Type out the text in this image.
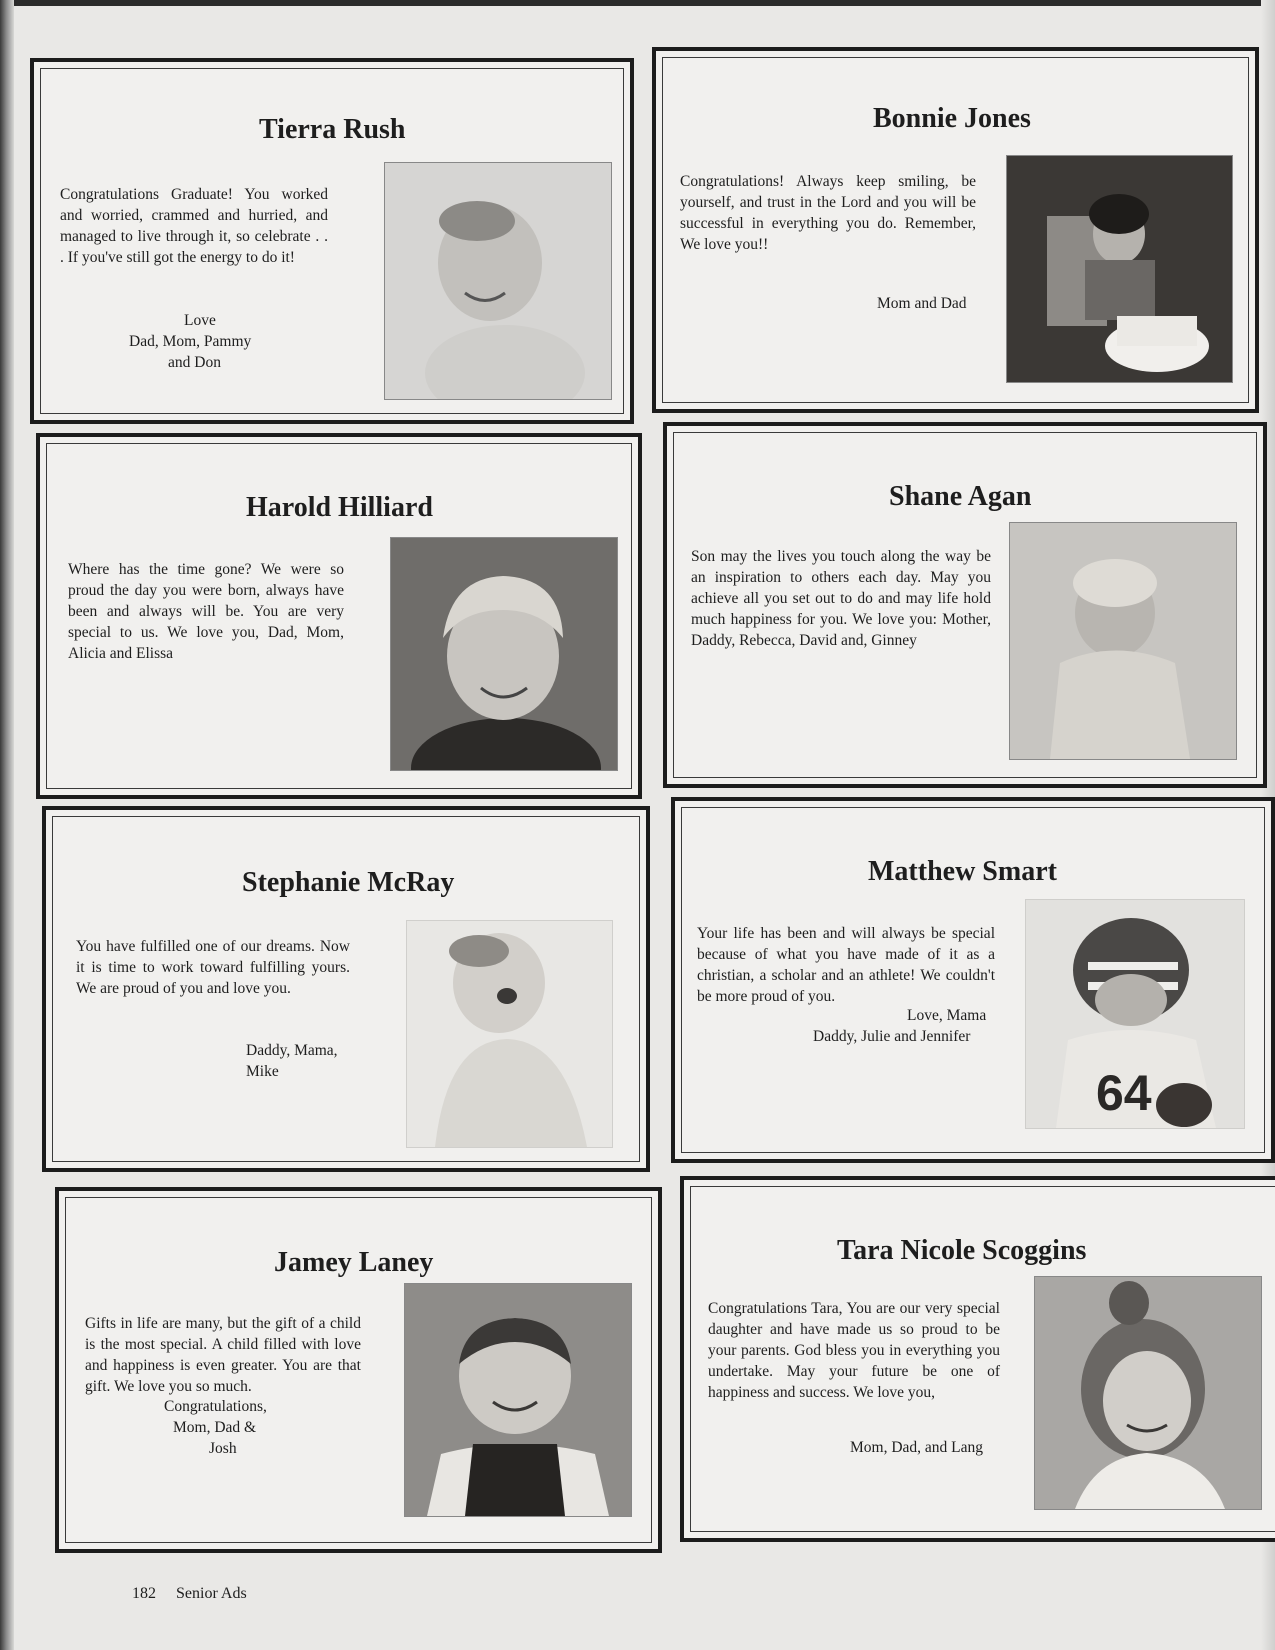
Tierra Rush

Congratulations Graduate! You worked and worried, crammed and hurried, and managed to live through it, so celebrate . . . If you've still got the energy to do it!

Love

Dad, Mom, Pammy

and Don

Bonnie Jones

Congratulations! Always keep smiling, be yourself, and trust in the Lord and you will be successful in everything you do. Remember, We love you!!

Mom and Dad

Harold Hilliard

Where has the time gone? We were so proud the day you were born, always have been and always will be. You are very special to us. We love you, Dad, Mom, Alicia and Elissa

Shane Agan

Son may the lives you touch along the way be an inspiration to others each day. May you achieve all you set out to do and may life hold much happiness for you. We love you: Mother, Daddy, Rebecca, David and, Ginney

Stephanie McRay

You have fulfilled one of our dreams. Now it is time to work toward fulfilling yours. We are proud of you and love you.

Daddy, Mama,

Mike

Matthew Smart

Your life has been and will always be special because of what you have made of it as a christian, a scholar and an athlete! We couldn't be more proud of you.

Love, Mama

Daddy, Julie and Jennifer

64
Jamey Laney

Gifts in life are many, but the gift of a child is the most special. A child filled with love and happiness is even greater. You are that gift. We love you so much.

Congratulations,

Mom, Dad &

Josh

Tara Nicole Scoggins

Congratulations Tara, You are our very special daughter and have made us so proud to be your parents. God bless you in everything you undertake. May your future be one of happiness and success. We love you,

Mom, Dad, and Lang

182 Senior Ads
